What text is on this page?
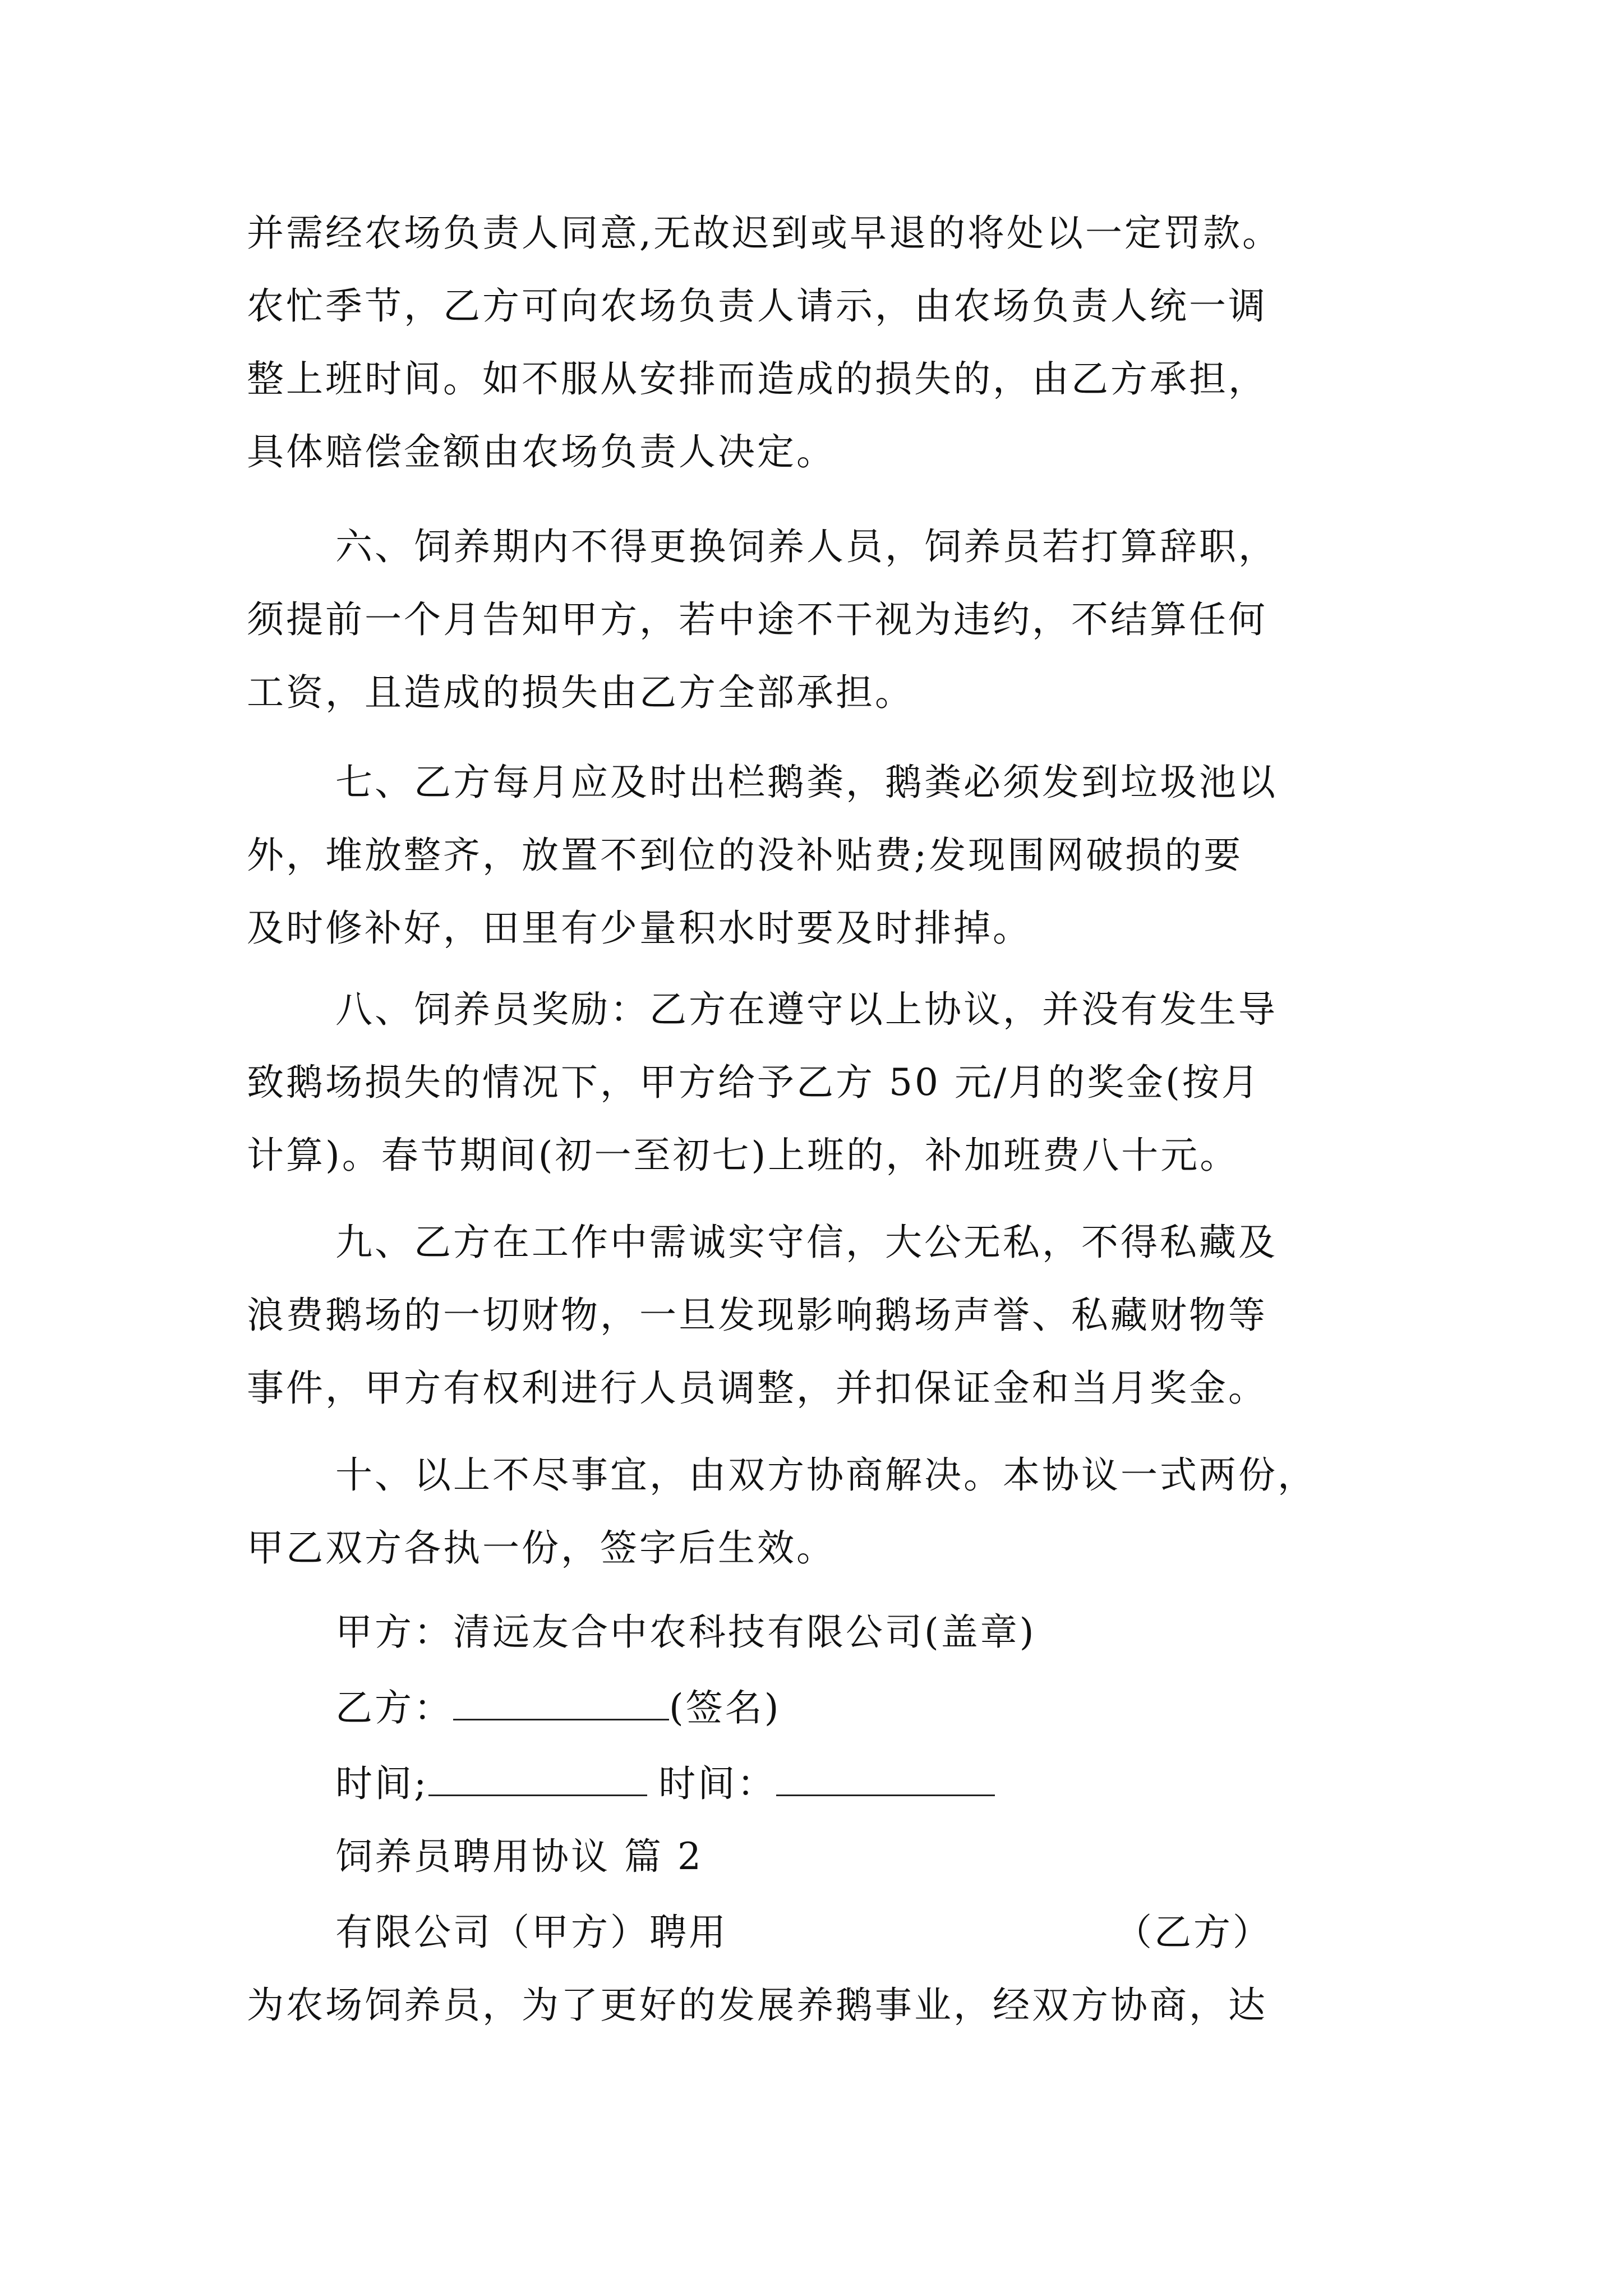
并需经农场负责人同意,无故迟到或早退的将处以一定罚款。
农忙季节，乙方可向农场负责人请示，由农场负责人统一调
整上班时间。如不服从安排而造成的损失的，由乙方承担，
具体赔偿金额由农场负责人决定。
六、饲养期内不得更换饲养人员，饲养员若打算辞职，
须提前一个月告知甲方，若中途不干视为违约，不结算任何
工资，且造成的损失由乙方全部承担。
七、乙方每月应及时出栏鹅粪，鹅粪必须发到垃圾池以
外，堆放整齐，放置不到位的没补贴费;发现围网破损的要
及时修补好，田里有少量积水时要及时排掉。
八、饲养员奖励：乙方在遵守以上协议，并没有发生导
致鹅场损失的情况下，甲方给予乙方 50 元/月的奖金(按月
计算)。春节期间(初一至初七)上班的，补加班费八十元。
九、乙方在工作中需诚实守信，大公无私，不得私藏及
浪费鹅场的一切财物，一旦发现影响鹅场声誉、私藏财物等
事件，甲方有权利进行人员调整，并扣保证金和当月奖金。
十、以上不尽事宜，由双方协商解决。本协议一式两份，
甲乙双方各执一份，签字后生效。
甲方：清远友合中农科技有限公司(盖章)
乙方：	(签名)
时间;	时间：
饲养员聘用协议 篇 2
有限公司（甲方）聘用	（乙方）
为农场饲养员，为了更好的发展养鹅事业，经双方协商，达
